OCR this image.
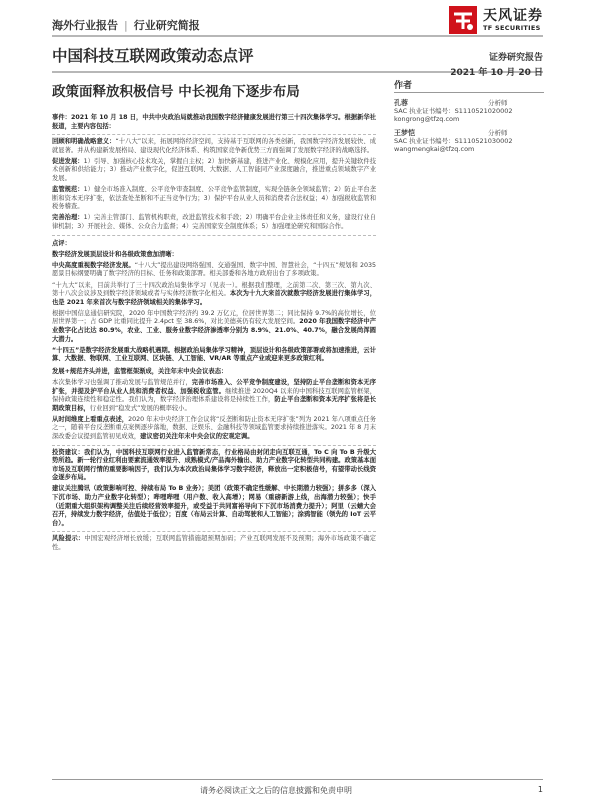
海外行业报告 | 行业研究简报
天风证券
TF SECURITIES
中国科技互联网政策动态点评	证券研究报告
2021 年 10 月 20 日
政策面释放积极信号 中长视角下逐步布局	作者
孔蓉	分析师
SAC 执业证书编号：S1110521020002
kongrong@tfzq.com
王梦恺	分析师
SAC 执业证书编号：S1110521030002
wangmengkai@tfzq.com

事件：2021 年 10 月 18 日，中共中央政治局就推动我国数字经济健康发展进行第三十四次集体学习。根据新华社报道，主要内容包括：

回顾和明确战略意义：“十八大”以来，拓展网络经济空间，支持基于互联网的各类创新，我国数字经济发展较快、成就显著。并从构建新发展格局、建设现代化经济体系、构筑国家竞争新优势三方面强调了发展数字经济的战略选择。

促进发展：1）引导、加强核心技术攻关，掌握自主权；2）加快新基建，推进产业化、规模化应用，提升关键软件技术创新和供给能力；3）推动产业数字化，促进互联网、大数据、人工智能同产业深度融合，推进重点领域数字产业发展。

监管规范：1）健全市场准入制度、公平竞争审查制度、公平竞争监管制度，实现全链条全领域监管；2）防止平台垄断和资本无序扩张，依法查处垄断和不正当竞争行为；3）保护平台从业人员和消费者合法权益；4）加强税收监管和税务稽查。

完善治理：1）完善主管部门、监管机构职责，改进监管技术和手段；2）明确平台企业主体责任和义务，建设行业自律机制；3）开展社会、媒体、公众合力监督；4）完善国家安全制度体系；5）加强理论研究和国际合作。

点评：

数字经济发展顶层设计和各级政策愈加清晰：

中央高度重视数字经济发展。“十八大”提出建设网络强国、交通强国、数字中国、智慧社会，“十四五”规划和 2035 愿景目标纲要明确了数字经济的目标、任务和政策部署。相关部委和各地方政府出台了多项政策。

“十九大”以来，目前共举行了三十四次政治局集体学习（见表一）。根据我们整理，之前第二次、第三次、第九次、第十八次会议涉及到数字经济领域或者与实体经济数字化相关。本次为十九大来首次就数字经济发展进行集体学习，也是 2021 年来首次与数字经济领域相关的集体学习。

根据中国信息通信研究院，2020 年中国数字经济约 39.2 万亿元，位居世界第二；同比保持 9.7%的高位增长，位居世界第一；占 GDP 比重同比提升 2.4pct 至 38.6%，对比美德英仍有较大发展空间。2020 年我国数字经济中产业数字化占比达 80.9%，农业、工业、服务业数字经济渗透率分别为 8.9%、21.0%、40.7%，融合发展尚浑圆大潜力。

“十四五”是数字经济发展重大战略机遇期。根据政治局集体学习精神，顶层设计和各级政策部署或将加速推进，云计算、大数据、物联网、工业互联网、区块链、人工智能、VR/AR 等重点产业或迎来更多政策红利。

发展+规范齐头并进，监管框架渐成，关注年末中央会议表态：

本次集体学习也强调了推动发展与监管规范并行，完善市场准入、公平竞争制度建设，坚持防止平台垄断和资本无序扩张，并提及护平台从业人员和消费者权益、加强税收监管。继续推进 2020Q4 以来的中国科技互联网监管框架，保持政策连续性和稳定性。我们认为，数字经济治理体系建设将是持续性工作，防止平台垄断和资本无序扩张将是长期政策目标，行业回到“稳发式”发展的概率较小。

从时间维度上看重点表述，2020 年末中央经济工作会议将“反垄断和防止资本无序扩张”列为 2021 年八项重点任务之一，随着平台反垄断重点案例逐步落地，数据、泛娱乐、金融科技等领域监管要求持续推进落实。2021 年 8 月末深改委会议提到监管初见成效，建议密切关注年末中央会议的宏观定调。

投资建议：我们认为，中国科技互联网行业进入监管新常态，行业格局由封闭走向互联互通，To C 向 To B 升级大势所趋。新一轮行业红利由要素流通效率提升、成熟模式/产品海外输出、助力产业数字化转型共同构建。政策基本面市场及互联网行情的重要影响因子，我们认为本次政治局集体学习数字经济，释放出一定积极信号，有望带动长线资金逐步布局。

建议关注腾讯（政策影响可控、持续布局 To B 业务）；美团（政策不确定性缓解、中长期潜力较强）；拼多多（深入下沉市场、助力产业数字化转型）；哔哩哔哩（用户数、收入高增）；网易（重磅新游上线，出海潜力较强）；快手（近期重大组织架构调整关注后续经营效率提升，或受益于共同富裕导向下下沉市场消费力提升）；阿里（云蜻大会召开，持续发力数字经济，估值处于低位）；百度（布局云计算、自动驾驶和人工智能）；涂鸦智能（领先的 IoT 云平台）。

风险提示：中国宏观经济增长放缓；互联网监管措施超预期加码；产业互联网发展不及预期；海外市场政策不确定性。

请务必阅读正文之后的信息披露和免责申明	1
